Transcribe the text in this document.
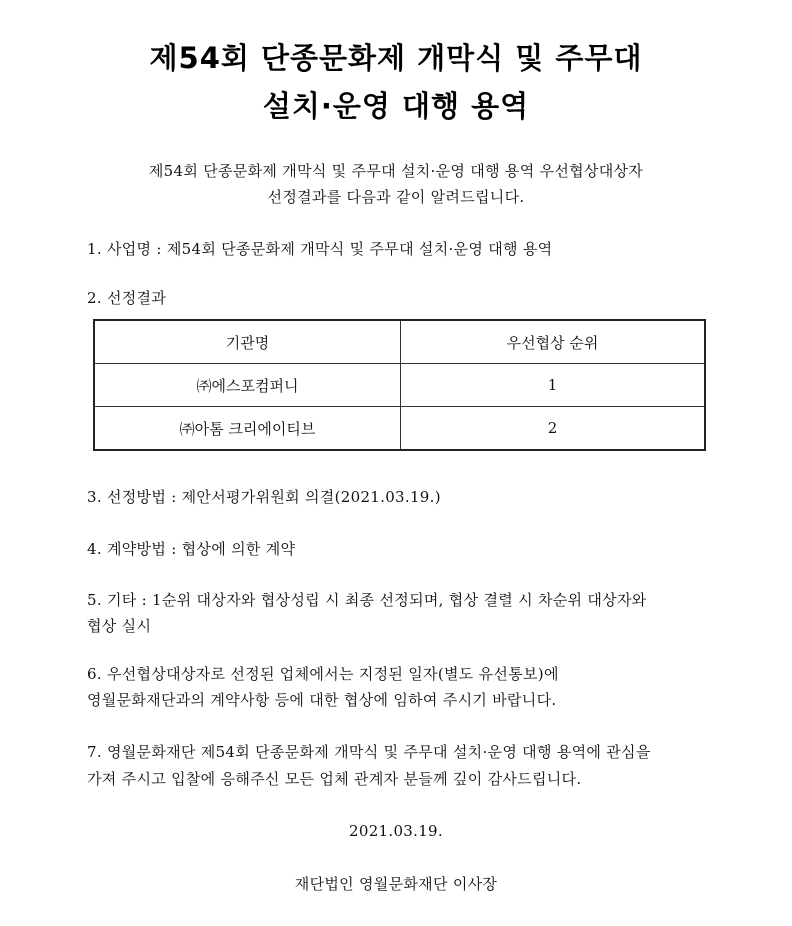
제54회 단종문화제 개막식 및 주무대
설치·운영 대행 용역
제54회 단종문화제 개막식 및 주무대 설치·운영 대행 용역 우선협상대상자
선정결과를 다음과 같이 알려드립니다.
1. 사업명 : 제54회 단종문화제 개막식 및 주무대 설치·운영 대행 용역
2. 선정결과
기관명	우선협상 순위
㈜에스포컴퍼니	1
㈜아톰 크리에이티브	2
3. 선정방법 : 제안서평가위원회 의결(2021.03.19.)
4. 계약방법 : 협상에 의한 계약
5. 기타 : 1순위 대상자와 협상성립 시 최종 선정되며, 협상 결렬 시 차순위 대상자와
협상 실시
6. 우선협상대상자로 선정된 업체에서는 지정된 일자(별도 유선통보)에
영월문화재단과의 계약사항 등에 대한 협상에 임하여 주시기 바랍니다.
7. 영월문화재단 제54회 단종문화제 개막식 및 주무대 설치·운영 대행 용역에 관심을
가져 주시고 입찰에 응해주신 모든 업체 관계자 분들께 깊이 감사드립니다.
2021.03.19.
재단법인 영월문화재단 이사장
